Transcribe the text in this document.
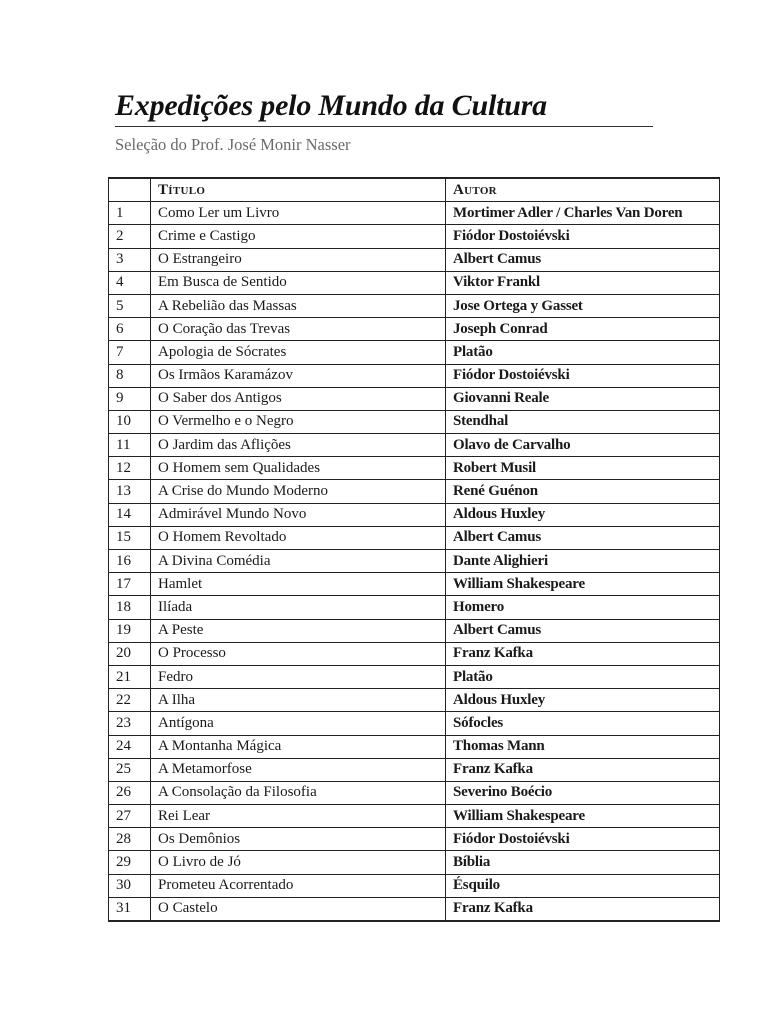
Expedições pelo Mundo da Cultura

Seleção do Prof. José Monir Nasser

	Título	Autor
1	Como Ler um Livro	Mortimer Adler / Charles Van Doren
2	Crime e Castigo	Fiódor Dostoiévski
3	O Estrangeiro	Albert Camus
4	Em Busca de Sentido	Viktor Frankl
5	A Rebelião das Massas	Jose Ortega y Gasset
6	O Coração das Trevas	Joseph Conrad
7	Apologia de Sócrates	Platão
8	Os Irmãos Karamázov	Fiódor Dostoiévski
9	O Saber dos Antigos	Giovanni Reale
10	O Vermelho e o Negro	Stendhal
11	O Jardim das Aflições	Olavo de Carvalho
12	O Homem sem Qualidades	Robert Musil
13	A Crise do Mundo Moderno	René Guénon
14	Admirável Mundo Novo	Aldous Huxley
15	O Homem Revoltado	Albert Camus
16	A Divina Comédia	Dante Alighieri
17	Hamlet	William Shakespeare
18	Ilíada	Homero
19	A Peste	Albert Camus
20	O Processo	Franz Kafka
21	Fedro	Platão
22	A Ilha	Aldous Huxley
23	Antígona	Sófocles
24	A Montanha Mágica	Thomas Mann
25	A Metamorfose	Franz Kafka
26	A Consolação da Filosofia	Severino Boécio
27	Rei Lear	William Shakespeare
28	Os Demônios	Fiódor Dostoiévski
29	O Livro de Jó	Bíblia
30	Prometeu Acorrentado	Ésquilo
31	O Castelo	Franz Kafka
